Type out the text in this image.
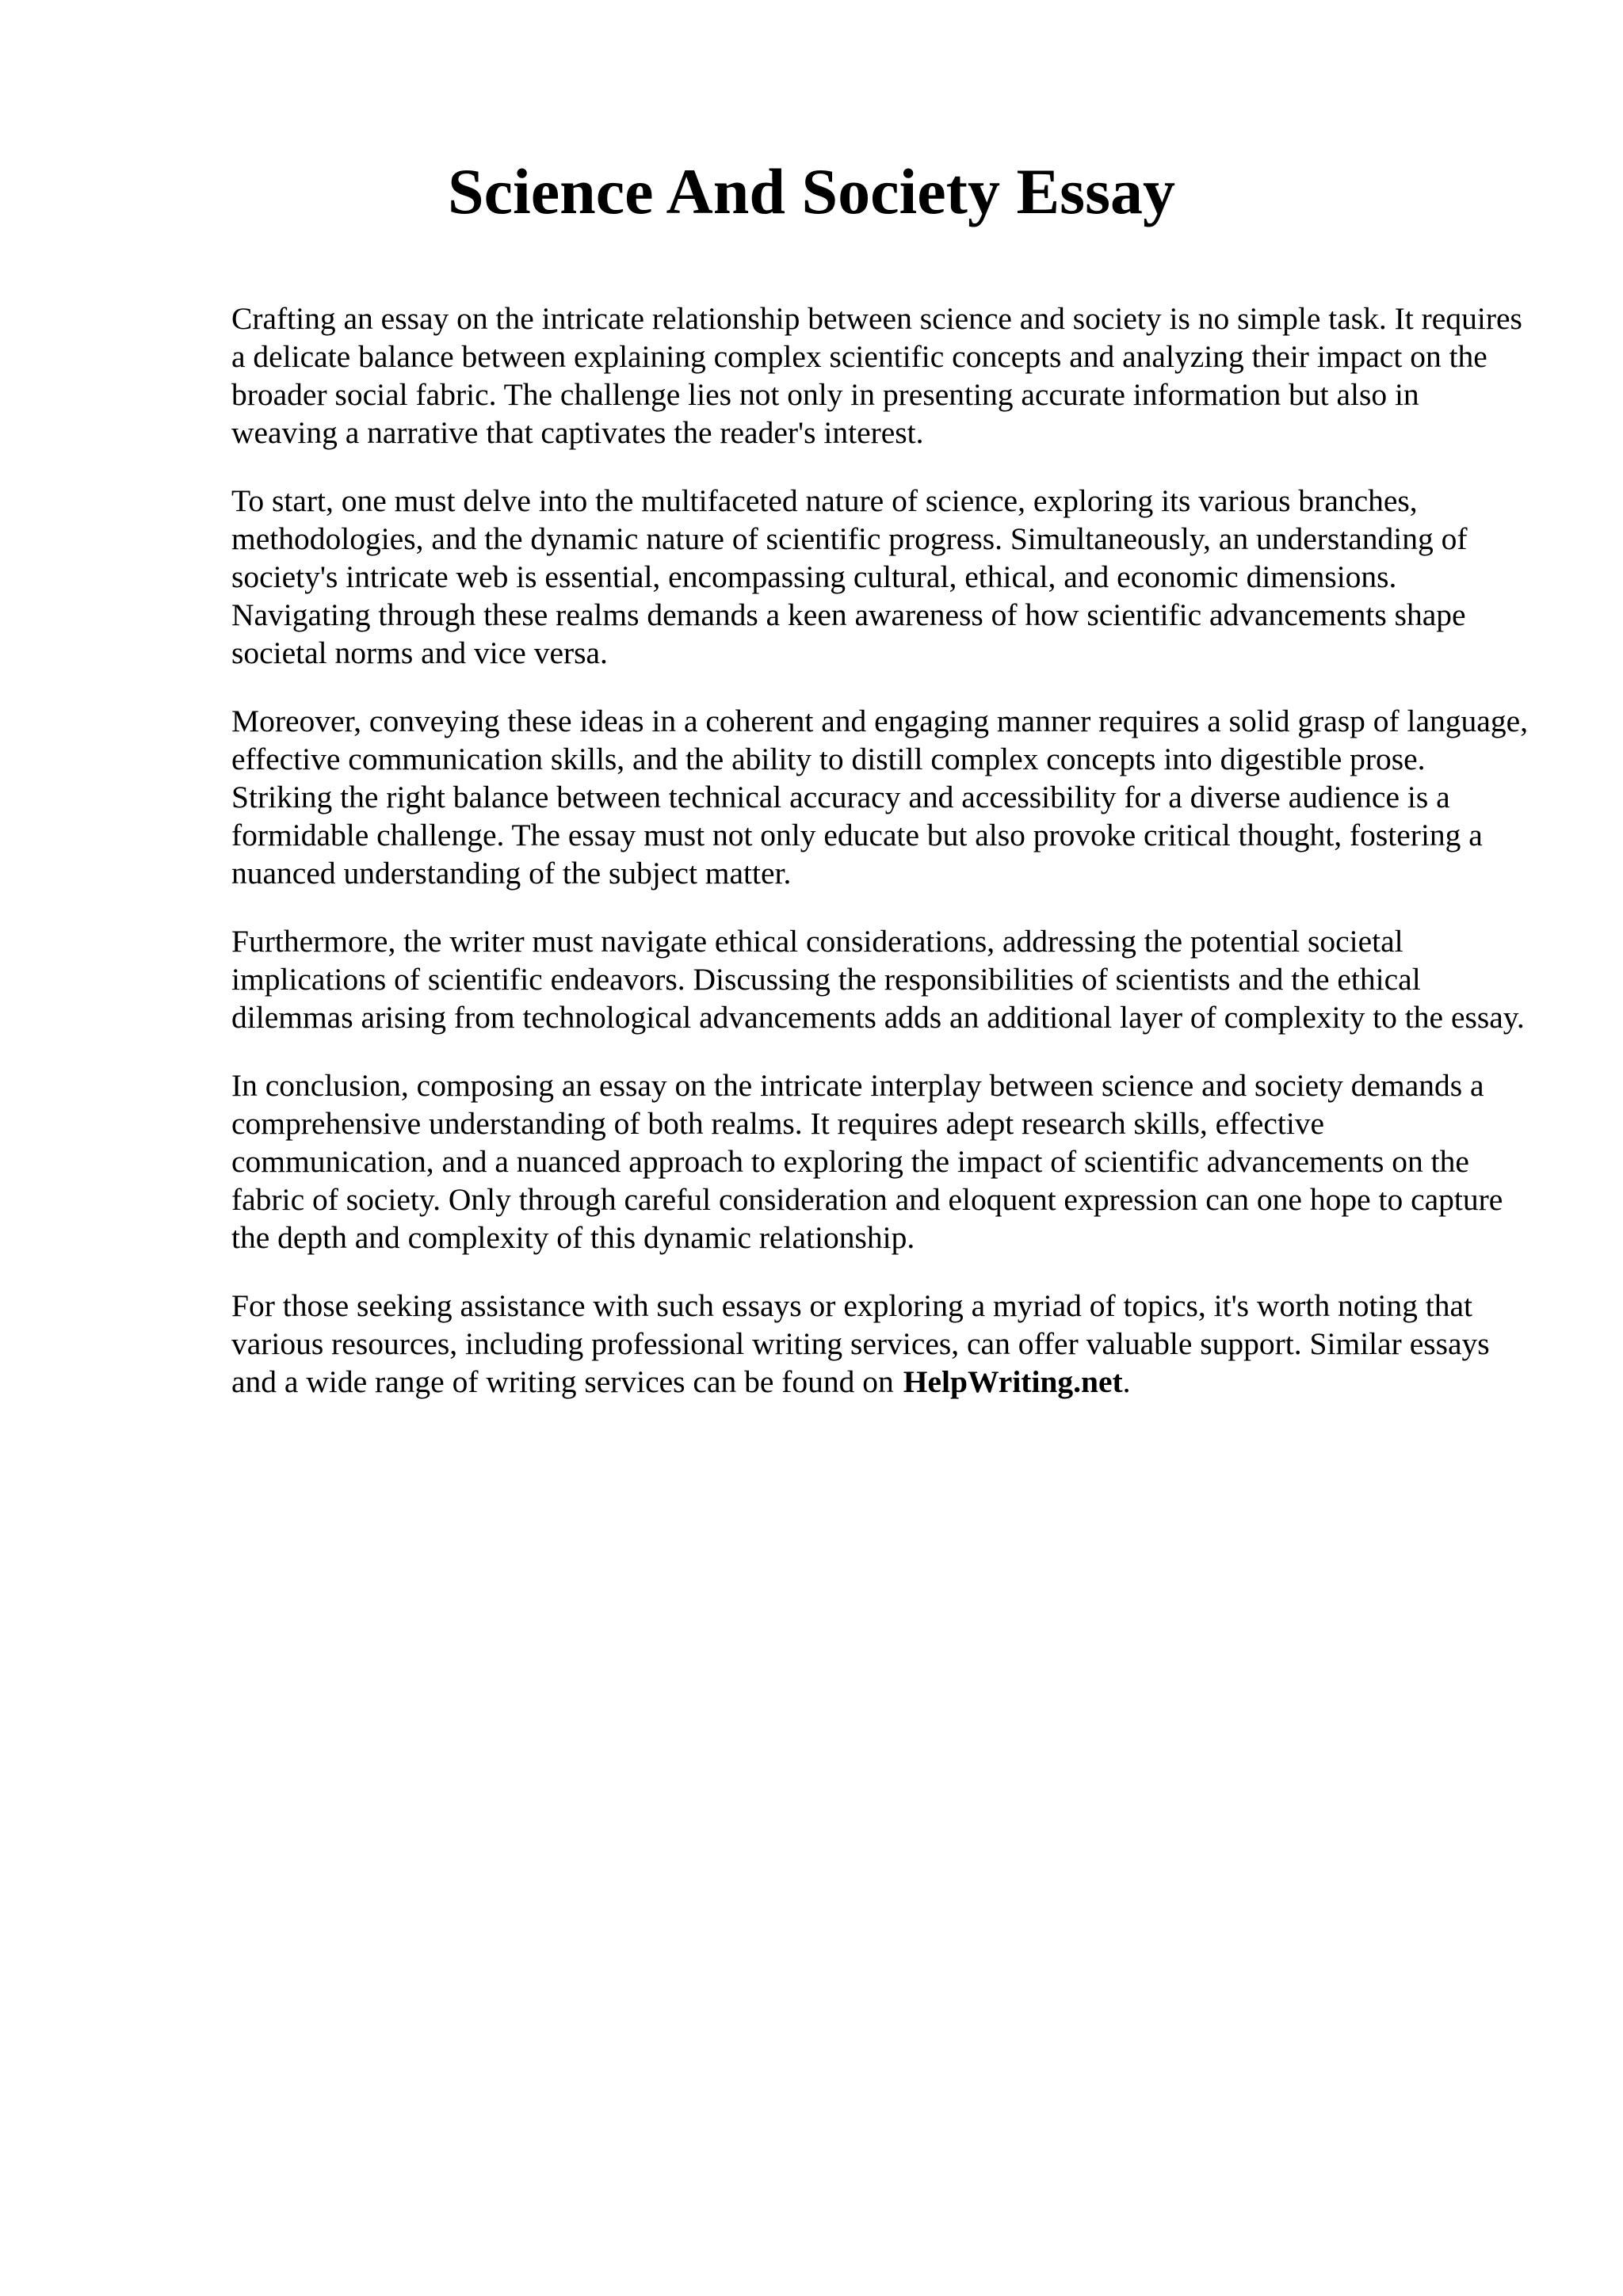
Science And Society Essay

Crafting an essay on the intricate relationship between science and society is no simple task. It requires a delicate balance between explaining complex scientific concepts and analyzing their impact on the broader social fabric. The challenge lies not only in presenting accurate information but also in weaving a narrative that captivates the reader's interest.

To start, one must delve into the multifaceted nature of science, exploring its various branches, methodologies, and the dynamic nature of scientific progress. Simultaneously, an understanding of society's intricate web is essential, encompassing cultural, ethical, and economic dimensions. Navigating through these realms demands a keen awareness of how scientific advancements shape societal norms and vice versa.

Moreover, conveying these ideas in a coherent and engaging manner requires a solid grasp of language, effective communication skills, and the ability to distill complex concepts into digestible prose. Striking the right balance between technical accuracy and accessibility for a diverse audience is a formidable challenge. The essay must not only educate but also provoke critical thought, fostering a nuanced understanding of the subject matter.

Furthermore, the writer must navigate ethical considerations, addressing the potential societal implications of scientific endeavors. Discussing the responsibilities of scientists and the ethical dilemmas arising from technological advancements adds an additional layer of complexity to the essay.

In conclusion, composing an essay on the intricate interplay between science and society demands a comprehensive understanding of both realms. It requires adept research skills, effective communication, and a nuanced approach to exploring the impact of scientific advancements on the fabric of society. Only through careful consideration and eloquent expression can one hope to capture the depth and complexity of this dynamic relationship.

For those seeking assistance with such essays or exploring a myriad of topics, it's worth noting that various resources, including professional writing services, can offer valuable support. Similar essays and a wide range of writing services can be found on HelpWriting.net.
